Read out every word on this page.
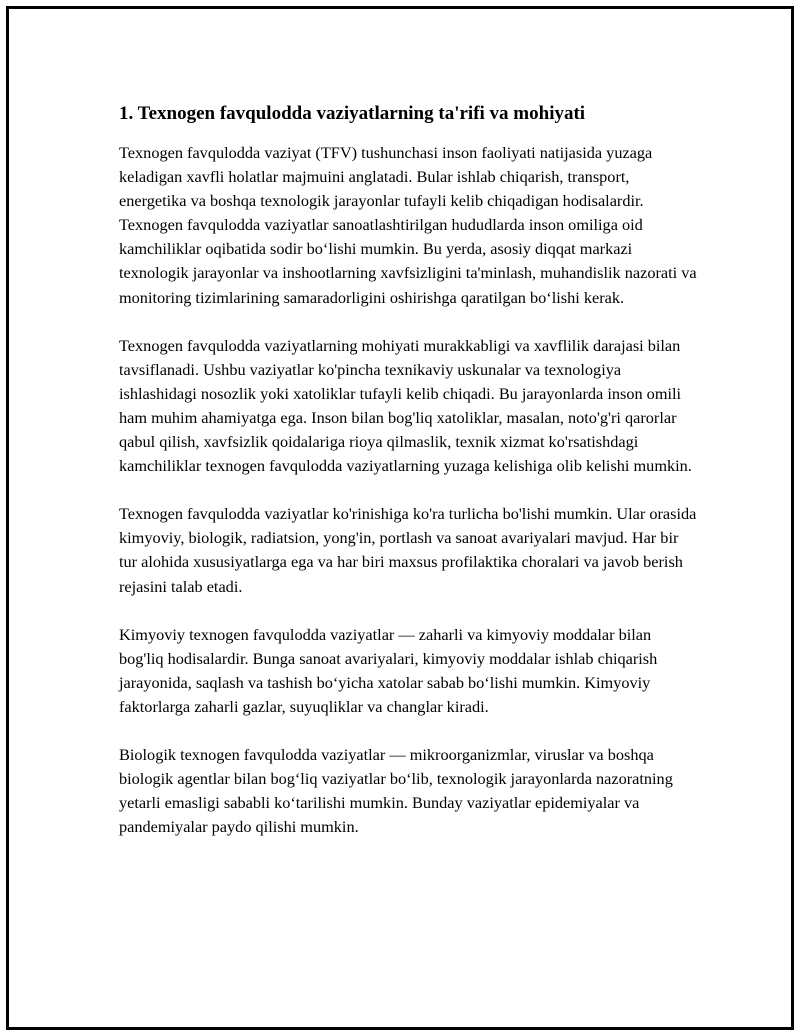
1. Texnogen favqulodda vaziyatlarning ta'rifi va mohiyati

Texnogen favqulodda vaziyat (TFV) tushunchasi inson faoliyati natijasida yuzaga keladigan xavfli holatlar majmuini anglatadi. Bular ishlab chiqarish, transport, energetika va boshqa texnologik jarayonlar tufayli kelib chiqadigan hodisalardir. Texnogen favqulodda vaziyatlar sanoatlashtirilgan hududlarda inson omiliga oid kamchiliklar oqibatida sodir bo‘lishi mumkin. Bu yerda, asosiy diqqat markazi texnologik jarayonlar va inshootlarning xavfsizligini ta'minlash, muhandislik nazorati va monitoring tizimlarining samaradorligini oshirishga qaratilgan bo‘lishi kerak.

Texnogen favqulodda vaziyatlarning mohiyati murakkabligi va xavflilik darajasi bilan tavsiflanadi. Ushbu vaziyatlar ko'pincha texnikaviy uskunalar va texnologiya ishlashidagi nosozlik yoki xatoliklar tufayli kelib chiqadi. Bu jarayonlarda inson omili ham muhim ahamiyatga ega. Inson bilan bog'liq xatoliklar, masalan, noto'g'ri qarorlar qabul qilish, xavfsizlik qoidalariga rioya qilmaslik, texnik xizmat ko'rsatishdagi kamchiliklar texnogen favqulodda vaziyatlarning yuzaga kelishiga olib kelishi mumkin.

Texnogen favqulodda vaziyatlar ko'rinishiga ko'ra turlicha bo'lishi mumkin. Ular orasida kimyoviy, biologik, radiatsion, yong'in, portlash va sanoat avariyalari mavjud. Har bir tur alohida xususiyatlarga ega va har biri maxsus profilaktika choralari va javob berish rejasini talab etadi.

Kimyoviy texnogen favqulodda vaziyatlar — zaharli va kimyoviy moddalar bilan bog'liq hodisalardir. Bunga sanoat avariyalari, kimyoviy moddalar ishlab chiqarish jarayonida, saqlash va tashish bo‘yicha xatolar sabab bo‘lishi mumkin. Kimyoviy faktorlarga zaharli gazlar, suyuqliklar va changlar kiradi.

Biologik texnogen favqulodda vaziyatlar — mikroorganizmlar, viruslar va boshqa biologik agentlar bilan bog‘liq vaziyatlar bo‘lib, texnologik jarayonlarda nazoratning yetarli emasligi sababli ko‘tarilishi mumkin. Bunday vaziyatlar epidemiyalar va pandemiyalar paydo qilishi mumkin.
